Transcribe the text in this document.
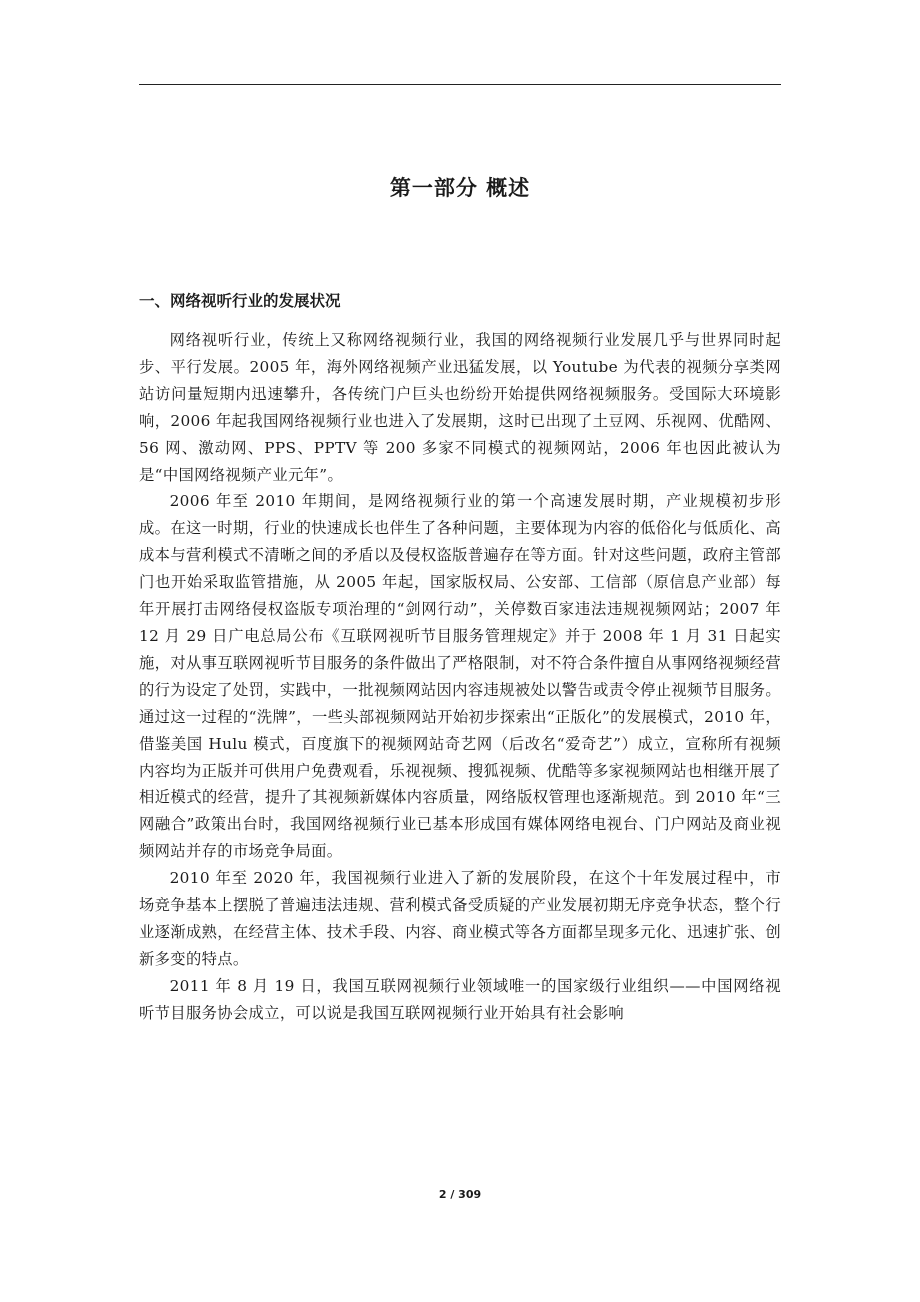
第一部分 概述
一、网络视听行业的发展状况

网络视听行业，传统上又称网络视频行业，我国的网络视频行业发展几乎与世界同时起步、平行发展。2005 年，海外网络视频产业迅猛发展，以 Youtube 为代表的视频分享类网站访问量短期内迅速攀升，各传统门户巨头也纷纷开始提供网络视频服务。受国际大环境影响，2006 年起我国网络视频行业也进入了发展期，这时已出现了土豆网、乐视网、优酷网、56 网、激动网、PPS、PPTV 等 200 多家不同模式的视频网站，2006 年也因此被认为是“中国网络视频产业元年”。

2006 年至 2010 年期间，是网络视频行业的第一个高速发展时期，产业规模初步形成。在这一时期，行业的快速成长也伴生了各种问题，主要体现为内容的低俗化与低质化、高成本与营利模式不清晰之间的矛盾以及侵权盗版普遍存在等方面。针对这些问题，政府主管部门也开始采取监管措施，从 2005 年起，国家版权局、公安部、工信部（原信息产业部）每年开展打击网络侵权盗版专项治理的“剑网行动”，关停数百家违法违规视频网站；2007 年 12 月 29 日广电总局公布《互联网视听节目服务管理规定》并于 2008 年 1 月 31 日起实施，对从事互联网视听节目服务的条件做出了严格限制，对不符合条件擅自从事网络视频经营的行为设定了处罚，实践中，一批视频网站因内容违规被处以警告或责令停止视频节目服务。通过这一过程的“洗牌”，一些头部视频网站开始初步探索出“正版化”的发展模式，2010 年，借鉴美国 Hulu 模式，百度旗下的视频网站奇艺网（后改名“爱奇艺”）成立，宣称所有视频内容均为正版并可供用户免费观看，乐视视频、搜狐视频、优酷等多家视频网站也相继开展了相近模式的经营，提升了其视频新媒体内容质量，网络版权管理也逐渐规范。到 2010 年“三网融合”政策出台时，我国网络视频行业已基本形成国有媒体网络电视台、门户网站及商业视频网站并存的市场竞争局面。

2010 年至 2020 年，我国视频行业进入了新的发展阶段，在这个十年发展过程中，市场竞争基本上摆脱了普遍违法违规、营利模式备受质疑的产业发展初期无序竞争状态，整个行业逐渐成熟，在经营主体、技术手段、内容、商业模式等各方面都呈现多元化、迅速扩张、创新多变的特点。

2011 年 8 月 19 日，我国互联网视频行业领域唯一的国家级行业组织——中国网络视听节目服务协会成立，可以说是我国互联网视频行业开始具有社会影响

2 / 309
